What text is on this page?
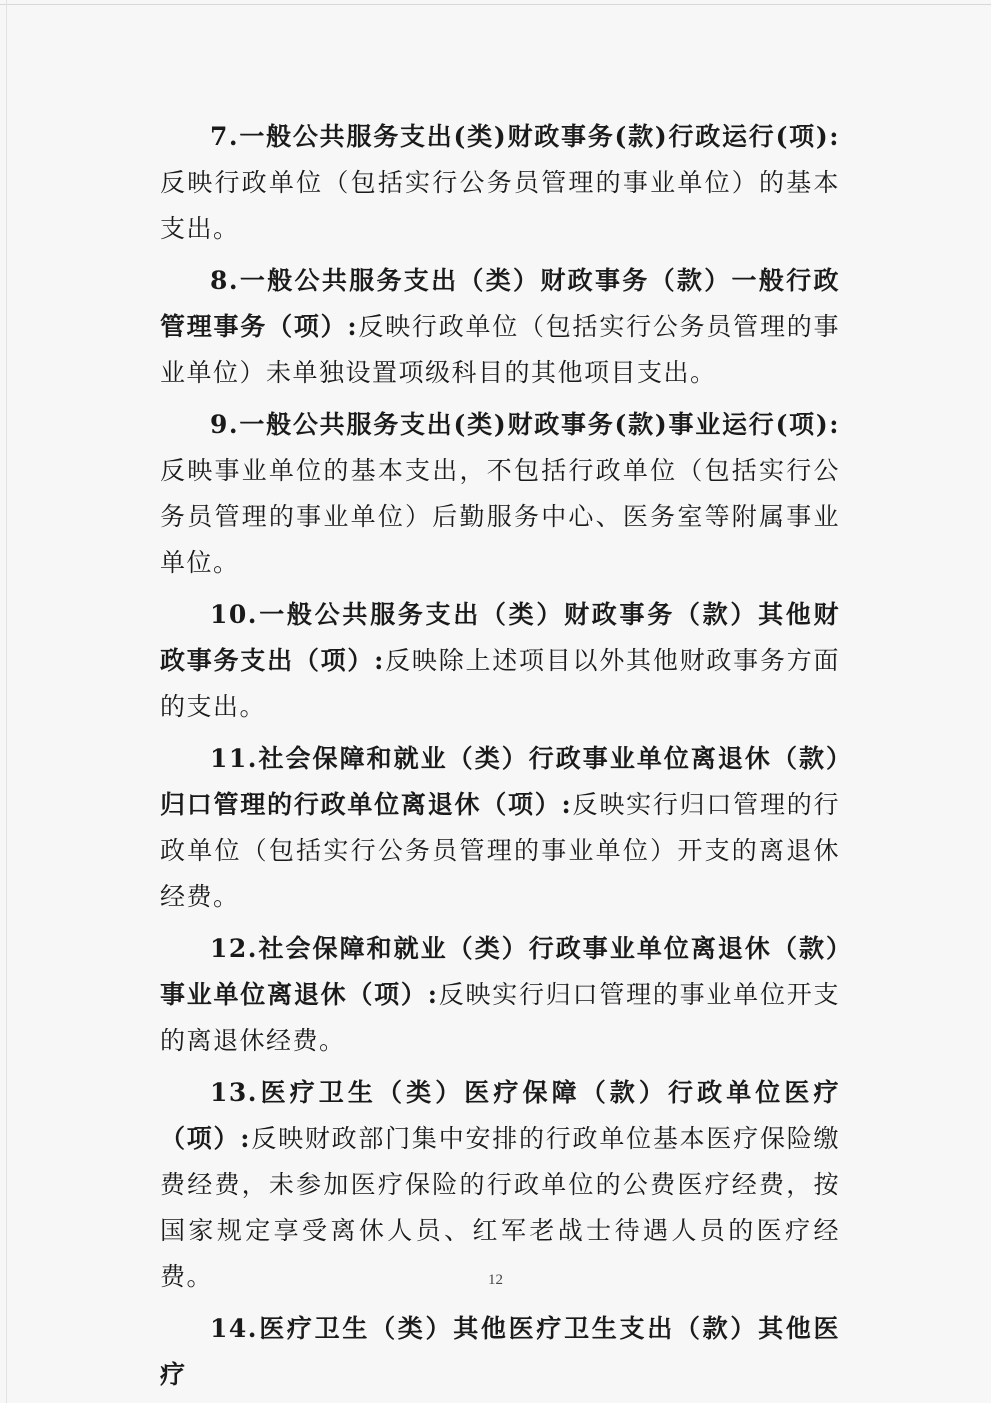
7.一般公共服务支出(类)财政事务(款)行政运行(项):反映行政单位（包括实行公务员管理的事业单位）的基本支出。

8.一般公共服务支出（类）财政事务（款）一般行政管理事务（项）:反映行政单位（包括实行公务员管理的事业单位）未单独设置项级科目的其他项目支出。

9.一般公共服务支出(类)财政事务(款)事业运行(项):反映事业单位的基本支出，不包括行政单位（包括实行公务员管理的事业单位）后勤服务中心、医务室等附属事业单位。

10.一般公共服务支出（类）财政事务（款）其他财政事务支出（项）:反映除上述项目以外其他财政事务方面的支出。

11.社会保障和就业（类）行政事业单位离退休（款）归口管理的行政单位离退休（项）:反映实行归口管理的行政单位（包括实行公务员管理的事业单位）开支的离退休经费。

12.社会保障和就业（类）行政事业单位离退休（款）事业单位离退休（项）:反映实行归口管理的事业单位开支的离退休经费。

13.医疗卫生（类）医疗保障（款）行政单位医疗（项）:反映财政部门集中安排的行政单位基本医疗保险缴费经费，未参加医疗保险的行政单位的公费医疗经费，按国家规定享受离休人员、红军老战士待遇人员的医疗经费。

14.医疗卫生（类）其他医疗卫生支出（款）其他医疗

12
